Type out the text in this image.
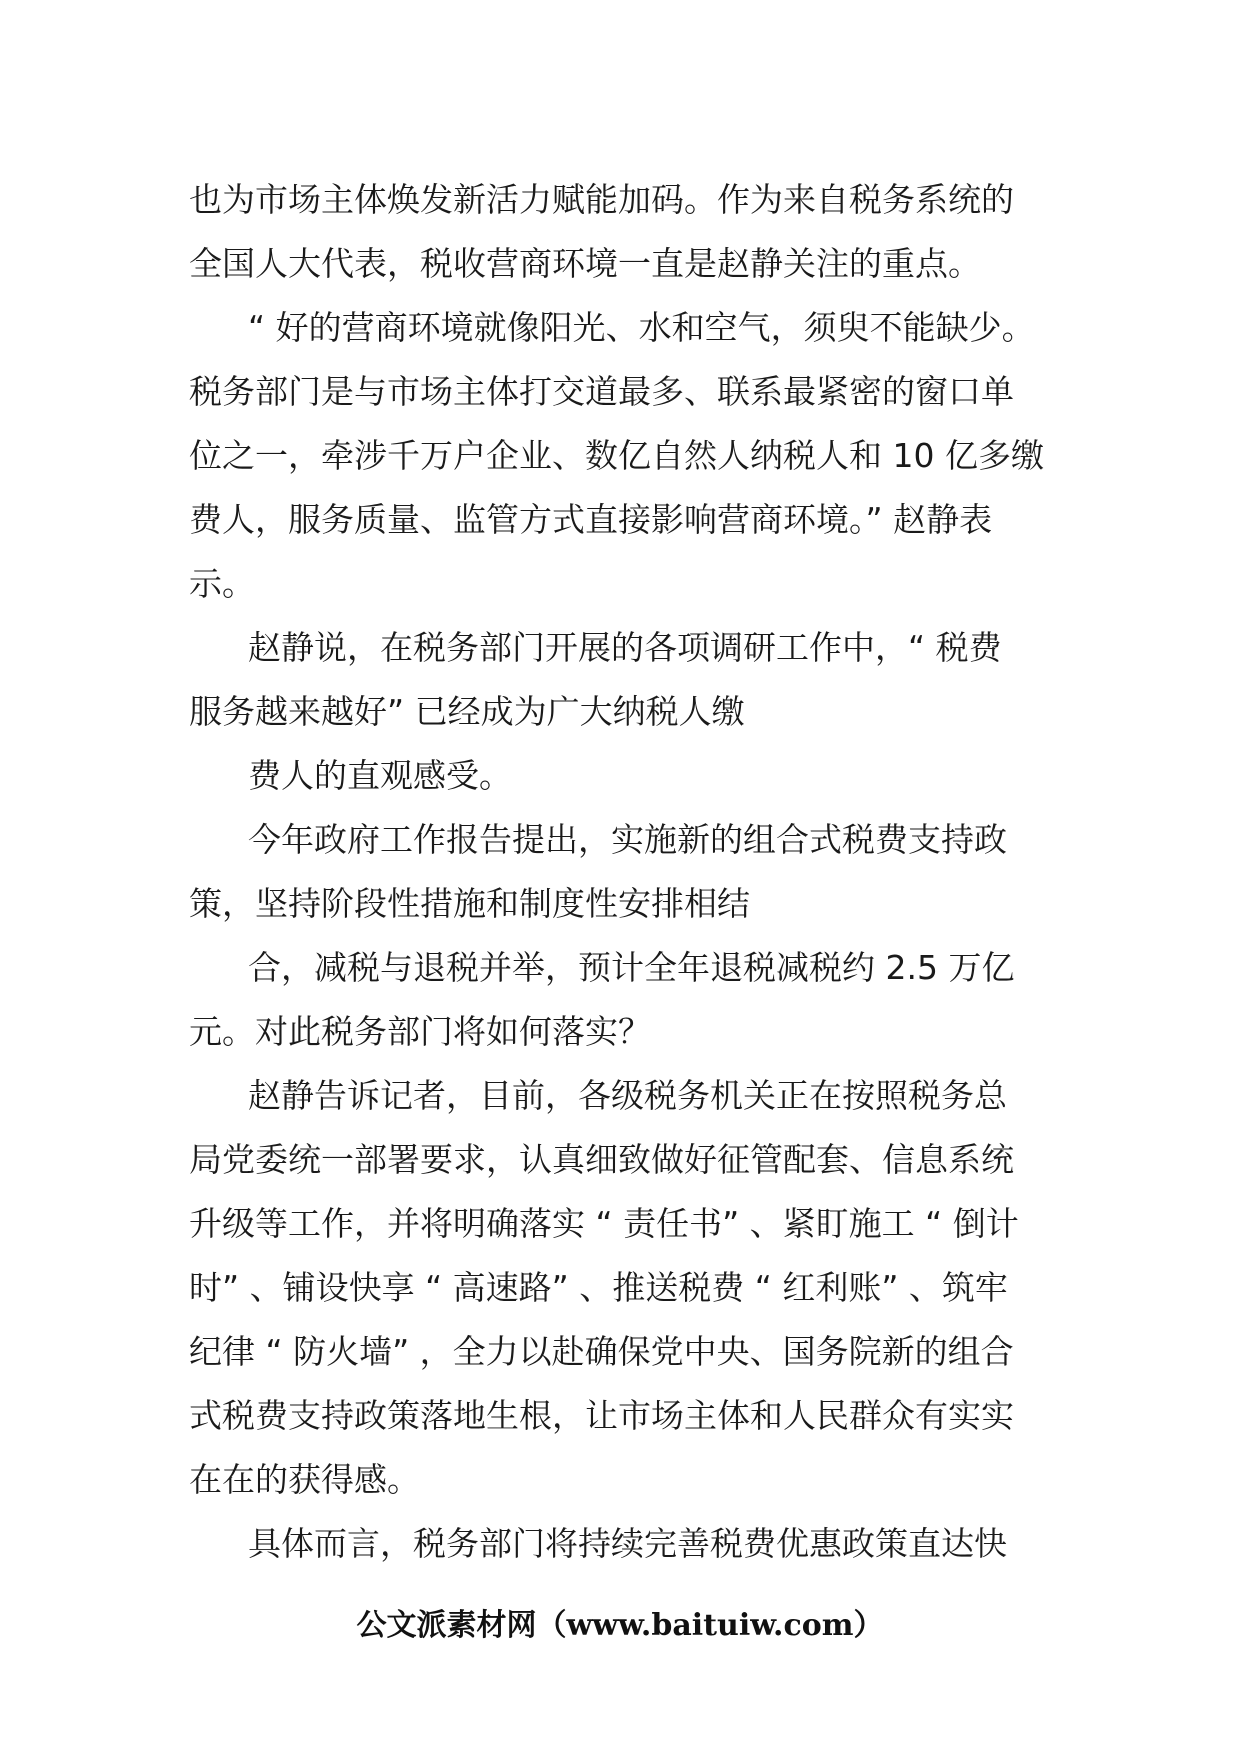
也为市场主体焕发新活力赋能加码。作为来自税务系统的
全国人大代表，税收营商环境一直是赵静关注的重点。
“ 好的营商环境就像阳光、水和空气，须臾不能缺少。
税务部门是与市场主体打交道最多、联系最紧密的窗口单
位之一，牵涉千万户企业、数亿自然人纳税人和 10 亿多缴
费人，服务质量、监管方式直接影响营商环境。” 赵静表
示。
赵静说，在税务部门开展的各项调研工作中，“ 税费
服务越来越好” 已经成为广大纳税人缴
费人的直观感受。
今年政府工作报告提出，实施新的组合式税费支持政
策，坚持阶段性措施和制度性安排相结
合，减税与退税并举，预计全年退税减税约 2.5 万亿
元。对此税务部门将如何落实？
赵静告诉记者，目前，各级税务机关正在按照税务总
局党委统一部署要求，认真细致做好征管配套、信息系统
升级等工作，并将明确落实 “ 责任书” 、紧盯施工 “ 倒计
时” 、铺设快享 “ 高速路” 、推送税费 “ 红利账” 、筑牢
纪律 “ 防火墙” ，全力以赴确保党中央、国务院新的组合
式税费支持政策落地生根，让市场主体和人民群众有实实
在在的获得感。
具体而言，税务部门将持续完善税费优惠政策直达快
公文派素材网（www.baituiw.com）
